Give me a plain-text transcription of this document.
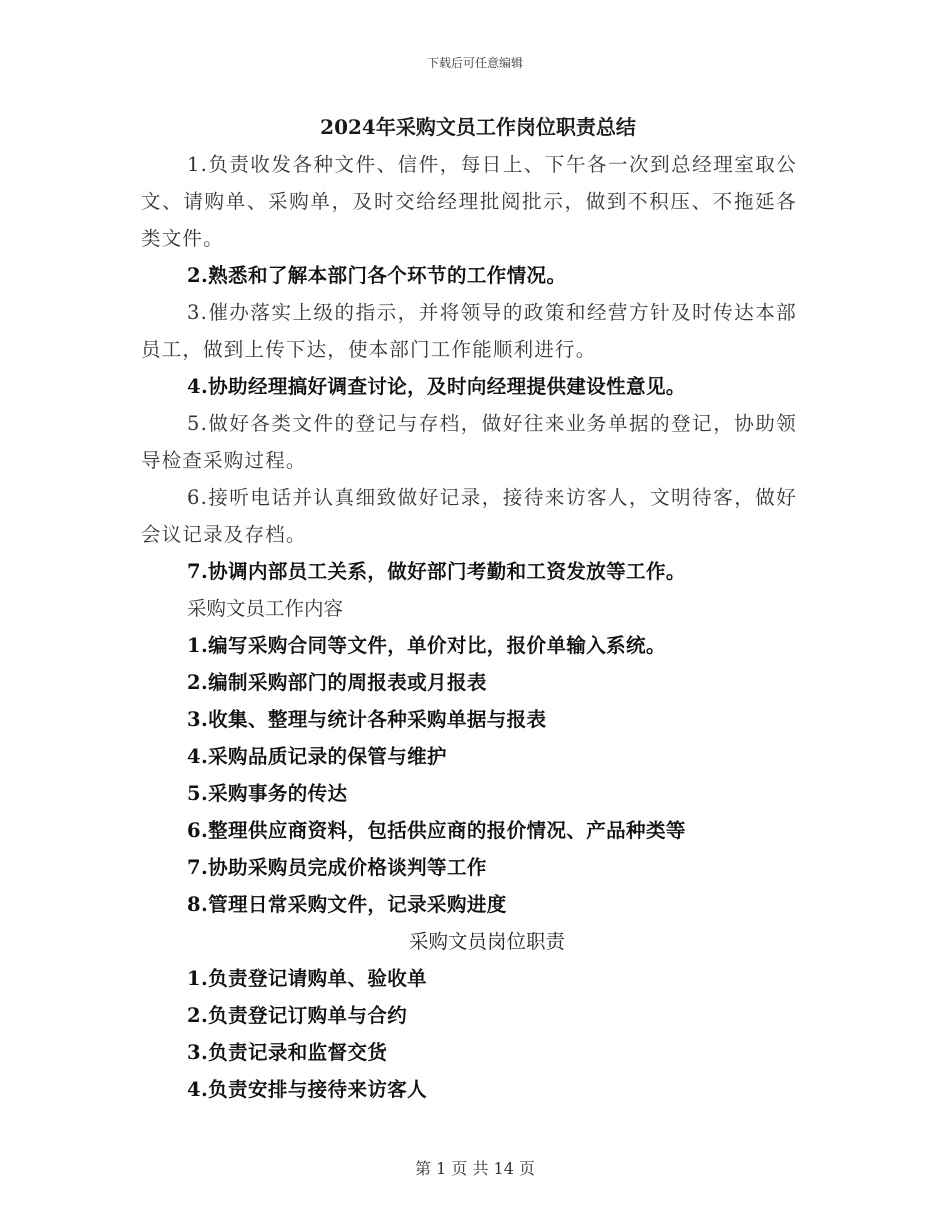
下载后可任意编辑
2024年采购文员工作岗位职责总结

1.负责收发各种文件、信件，每日上、下午各一次到总经理室取公文、请购单、采购单，及时交给经理批阅批示，做到不积压、不拖延各类文件。

2.熟悉和了解本部门各个环节的工作情况。

3.催办落实上级的指示，并将领导的政策和经营方针及时传达本部员工，做到上传下达，使本部门工作能顺利进行。

4.协助经理搞好调查讨论，及时向经理提供建设性意见。

5.做好各类文件的登记与存档，做好往来业务单据的登记，协助领导检查采购过程。

6.接听电话并认真细致做好记录，接待来访客人，文明待客，做好会议记录及存档。

7.协调内部员工关系，做好部门考勤和工资发放等工作。

采购文员工作内容

1.编写采购合同等文件，单价对比，报价单输入系统。

2.编制采购部门的周报表或月报表

3.收集、整理与统计各种采购单据与报表

4.采购品质记录的保管与维护

5.采购事务的传达

6.整理供应商资料，包括供应商的报价情况、产品种类等

7.协助采购员完成价格谈判等工作

8.管理日常采购文件，记录采购进度

采购文员岗位职责

1.负责登记请购单、验收单

2.负责登记订购单与合约

3.负责记录和监督交货

4.负责安排与接待来访客人

第 1 页 共 14 页
